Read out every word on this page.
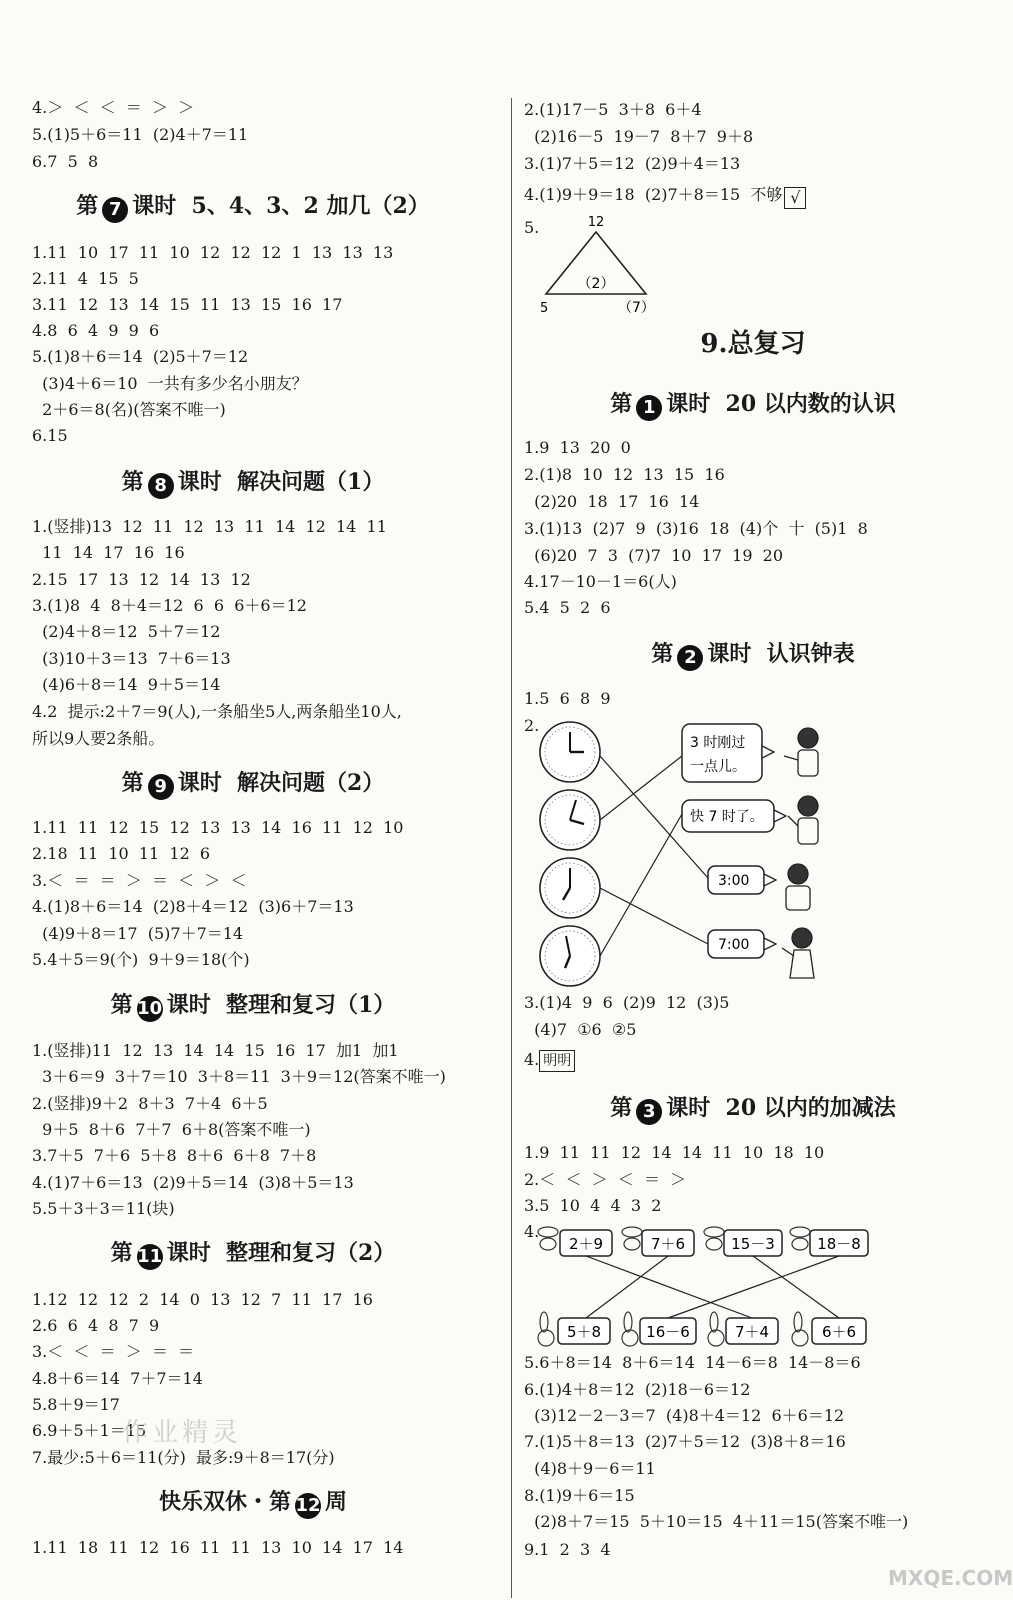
4.＞  ＜  ＜  ＝  ＞  ＞
5.(1)5＋6＝11  (2)4＋7＝11
6.7  5  8
第 7 课时  5、4、3、2 加几（2）
1.11  10  17  11  10  12  12  12  1  13  13  13
2.11  4  15  5
3.11  12  13  14  15  11  13  15  16  17
4.8  6  4  9  9  6
5.(1)8＋6＝14  (2)5＋7＝12
(3)4＋6＝10  一共有多少名小朋友？
2＋6＝8(名)(答案不唯一)
6.15
第 8 课时  解决问题（1）
1.(竖排)13  12  11  12  13  11  14  12  14  11
11  14  17  16  16
2.15  17  13  12  14  13  12
3.(1)8  4  8＋4＝12  6  6  6＋6＝12
(2)4＋8＝12  5＋7＝12
(3)10＋3＝13  7＋6＝13
(4)6＋8＝14  9＋5＝14
4.2  提示:2＋7＝9(人),一条船坐5人,两条船坐10人,
所以9人要2条船。
第 9 课时  解决问题（2）
1.11  11  12  15  12  13  13  14  16  11  12  10
2.18  11  10  11  12  6
3.＜  ＝  ＝  ＞  ＝  ＜  ＞  ＜
4.(1)8＋6＝14  (2)8＋4＝12  (3)6＋7＝13
(4)9＋8＝17  (5)7＋7＝14
5.4＋5＝9(个)  9＋9＝18(个)
第 10 课时  整理和复习（1）
1.(竖排)11  12  13  14  14  15  16  17  加1  加1
3＋6＝9  3＋7＝10  3＋8＝11  3＋9＝12(答案不唯一)
2.(竖排)9＋2  8＋3  7＋4  6＋5
9＋5  8＋6  7＋7  6＋8(答案不唯一)
3.7＋5  7＋6  5＋8  8＋6  6＋8  7＋8
4.(1)7＋6＝13  (2)9＋5＝14  (3)8＋5＝13
5.5＋3＋3＝11(块)
第 11 课时  整理和复习（2）
1.12  12  12  2  14  0  13  12  7  11  17  16
2.6  6  4  8  7  9
3.＜  ＜  ＝  ＞  ＝  ＝
4.8＋6＝14  7＋7＝14
5.8＋9＝17
6.9＋5＋1＝15
7.最少:5＋6＝11(分)  最多:9＋8＝17(分)
作业精灵
快乐双休・第 12 周
1.11  18  11  12  16  11  11  13  10  14  17  14
2.(1)17－5  3＋8  6＋4
(2)16－5  19－7  8＋7  9＋8
3.(1)7＋5＝12  (2)9＋4＝13
4.(1)9＋9＝18  (2)7＋8＝15  不够 √
5.	12
（2）
5	（7）
9.总复习
第 1 课时  20 以内数的认识
1.9  13  20  0
2.(1)8  10  12  13  15  16
(2)20  18  17  16  14
3.(1)13  (2)7  9  (3)16  18  (4)个  十  (5)1  8
(6)20  7  3  (7)7  10  17  19  20
4.17－10－1＝6(人)
5.4  5  2  6
第 2 课时  认识钟表
1.5  6  8  9
2.
3 时刚过
一点儿。
快 7 时了。
3:00
7:00
3.(1)4  9  6  (2)9  12  (3)5
(4)7  ①6  ②5
4. 明明
第 3 课时  20 以内的加减法
1.9  11  11  12  14  14  11  10  18  10
2.＜  ＜  ＞  ＜  ＝  ＞
3.5  10  4  4  3  2
4.
2＋9	7＋6	15－3	18－8
5＋8	16－6	7＋4	6＋6
5.6＋8＝14  8＋6＝14  14－6＝8  14－8＝6
6.(1)4＋8＝12  (2)18－6＝12
(3)12－2－3＝7  (4)8＋4＝12  6＋6＝12
7.(1)5＋8＝13  (2)7＋5＝12  (3)8＋8＝16
(4)8＋9－6＝11
8.(1)9＋6＝15
(2)8＋7＝15  5＋10＝15  4＋11＝15(答案不唯一)
9.1  2  3  4
MXQE.COM
